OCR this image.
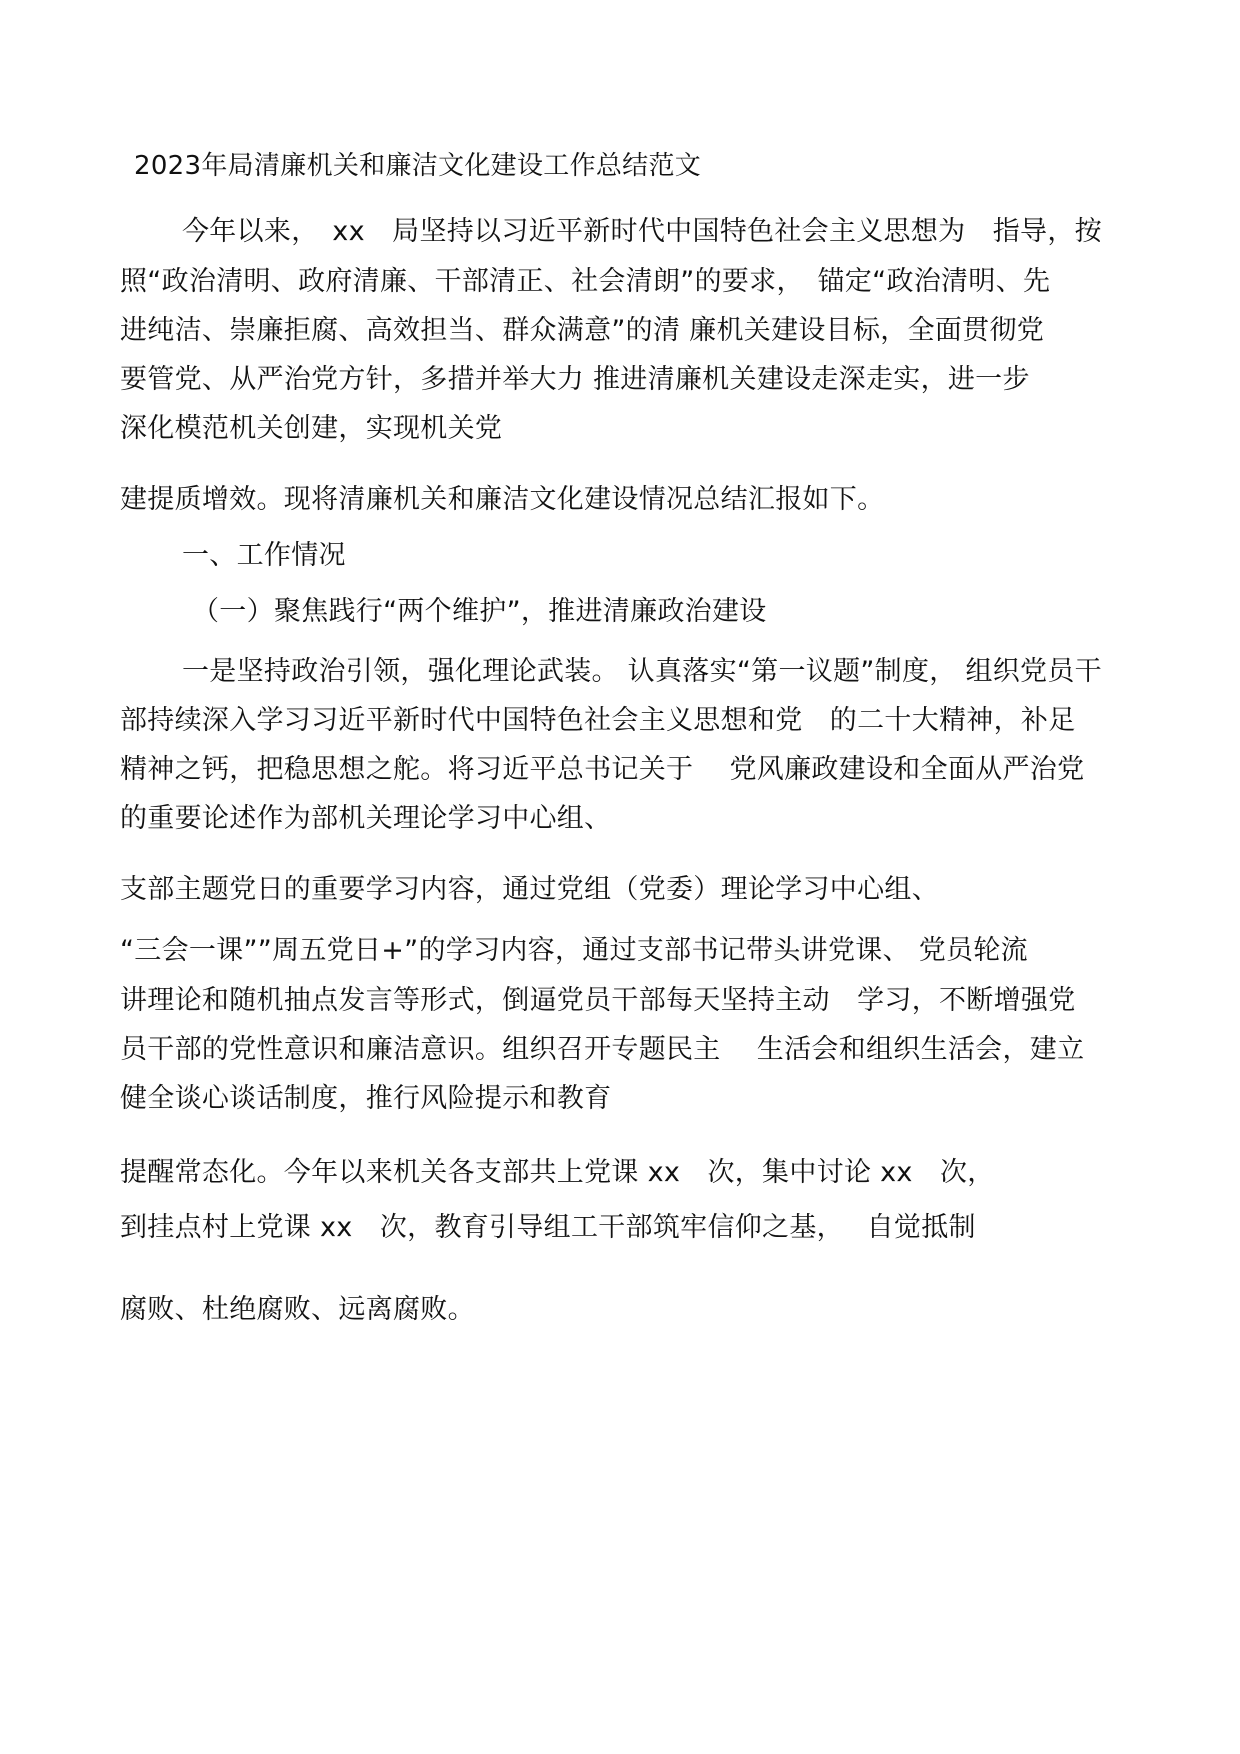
2023年局清廉机关和廉洁文化建设工作总结范文
今年以来，　xx　局坚持以习近平新时代中国特色社会主义思想为　指导，按
照“政治清明、政府清廉、干部清正、社会清朗”的要求，　锚定“政治清明、先
进纯洁、崇廉拒腐、高效担当、群众满意”的清 廉机关建设目标，全面贯彻党
要管党、从严治党方针，多措并举大力 推进清廉机关建设走深走实，进一步
深化模范机关创建，实现机关党
建提质增效。现将清廉机关和廉洁文化建设情况总结汇报如下。
一、工作情况
（一）聚焦践行“两个维护”，推进清廉政治建设
一是坚持政治引领，强化理论武装。 认真落实“第一议题”制度， 组织党员干
部持续深入学习习近平新时代中国特色社会主义思想和党　的二十大精神，补足
精神之钙，把稳思想之舵。将习近平总书记关于　 党风廉政建设和全面从严治党
的重要论述作为部机关理论学习中心组、
支部主题党日的重要学习内容，通过党组（党委）理论学习中心组、
“三会一课””周五党日+”的学习内容，通过支部书记带头讲党课、 党员轮流
讲理论和随机抽点发言等形式，倒逼党员干部每天坚持主动　学习，不断增强党
员干部的党性意识和廉洁意识。组织召开专题民主　 生活会和组织生活会，建立
健全谈心谈话制度，推行风险提示和教育
提醒常态化。今年以来机关各支部共上党课 xx　次，集中讨论 xx　次，
到挂点村上党课 xx　次，教育引导组工干部筑牢信仰之基，　 自觉抵制
腐败、杜绝腐败、远离腐败。
